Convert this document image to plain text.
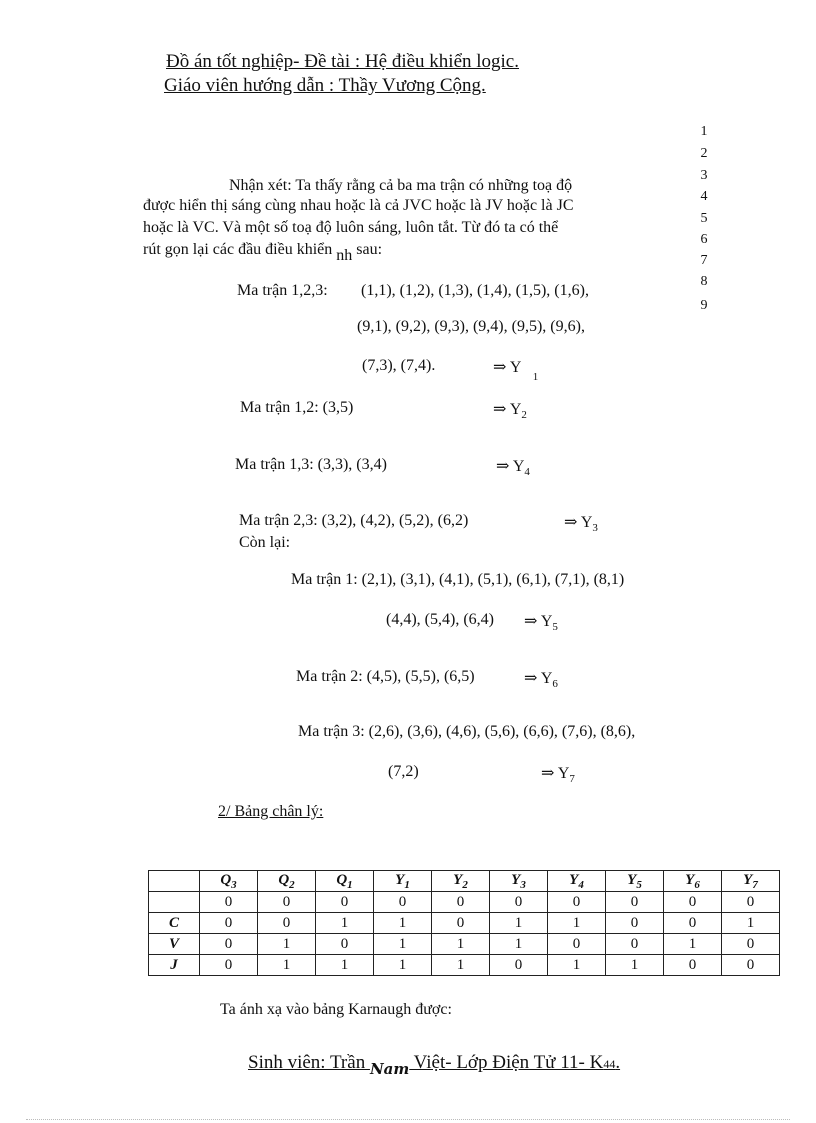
Đồ án tốt nghiệp- Đề tài : Hệ điều khiển logic.
Giáo viên hướng dẫn : Thầy Vương Cộng.
1
2
3
4
5
6
7
8
9
Nhận xét: Ta thấy rằng cả ba ma trận có những toạ độ
được hiển thị sáng cùng nhau hoặc là cả JVC hoặc là JV hoặc là JC
hoặc là VC. Và một số toạ độ luôn sáng, luôn tắt. Từ đó ta có thể
rút gọn lại các đầu điều khiển nh sau:
Ma trận 1,2,3: (1,1), (1,2), (1,3), (1,4), (1,5), (1,6),
(9,1), (9,2), (9,3), (9,4), (9,5), (9,6),
(7,3), (7,4).	⇒ Y $_1$
Ma trận 1,2: (3,5)	⇒ $Y_2$
Ma trận 1,3: (3,3), (3,4)	⇒ $Y_4$
Ma trận 2,3: (3,2), (4,2), (5,2), (6,2)	⇒ $Y_3$
Còn lại:
Ma trận 1: (2,1), (3,1), (4,1), (5,1), (6,1), (7,1), (8,1)
(4,4), (5,4), (6,4) ⇒ $Y_5$
Ma trận 2: (4,5), (5,5), (6,5)	⇒ $Y_6$
Ma trận 3: (2,6), (3,6), (4,6), (5,6), (6,6), (7,6), (8,6),
(7,2)	⇒ $Y_7$
2/ Bảng chân lý:
	$Q_3$	$Q_2$	$Q_1$	$Y_1$	$Y_2$	$Y_3$	$Y_4$	$Y_5$	$Y_6$	$Y_7$
	0	0	0	0	0	0	0	0	0	0
C	0	0	1	1	0	1	1	0	0	1
V	0	1	0	1	1	1	0	0	1	0
J	0	1	1	1	1	0	1	1	0	0
Ta ánh xạ vào bảng Karnaugh được:
Sinh viên: Trần $_{Nam}$ Việt- Lớp Điện Tử 11- K44.
